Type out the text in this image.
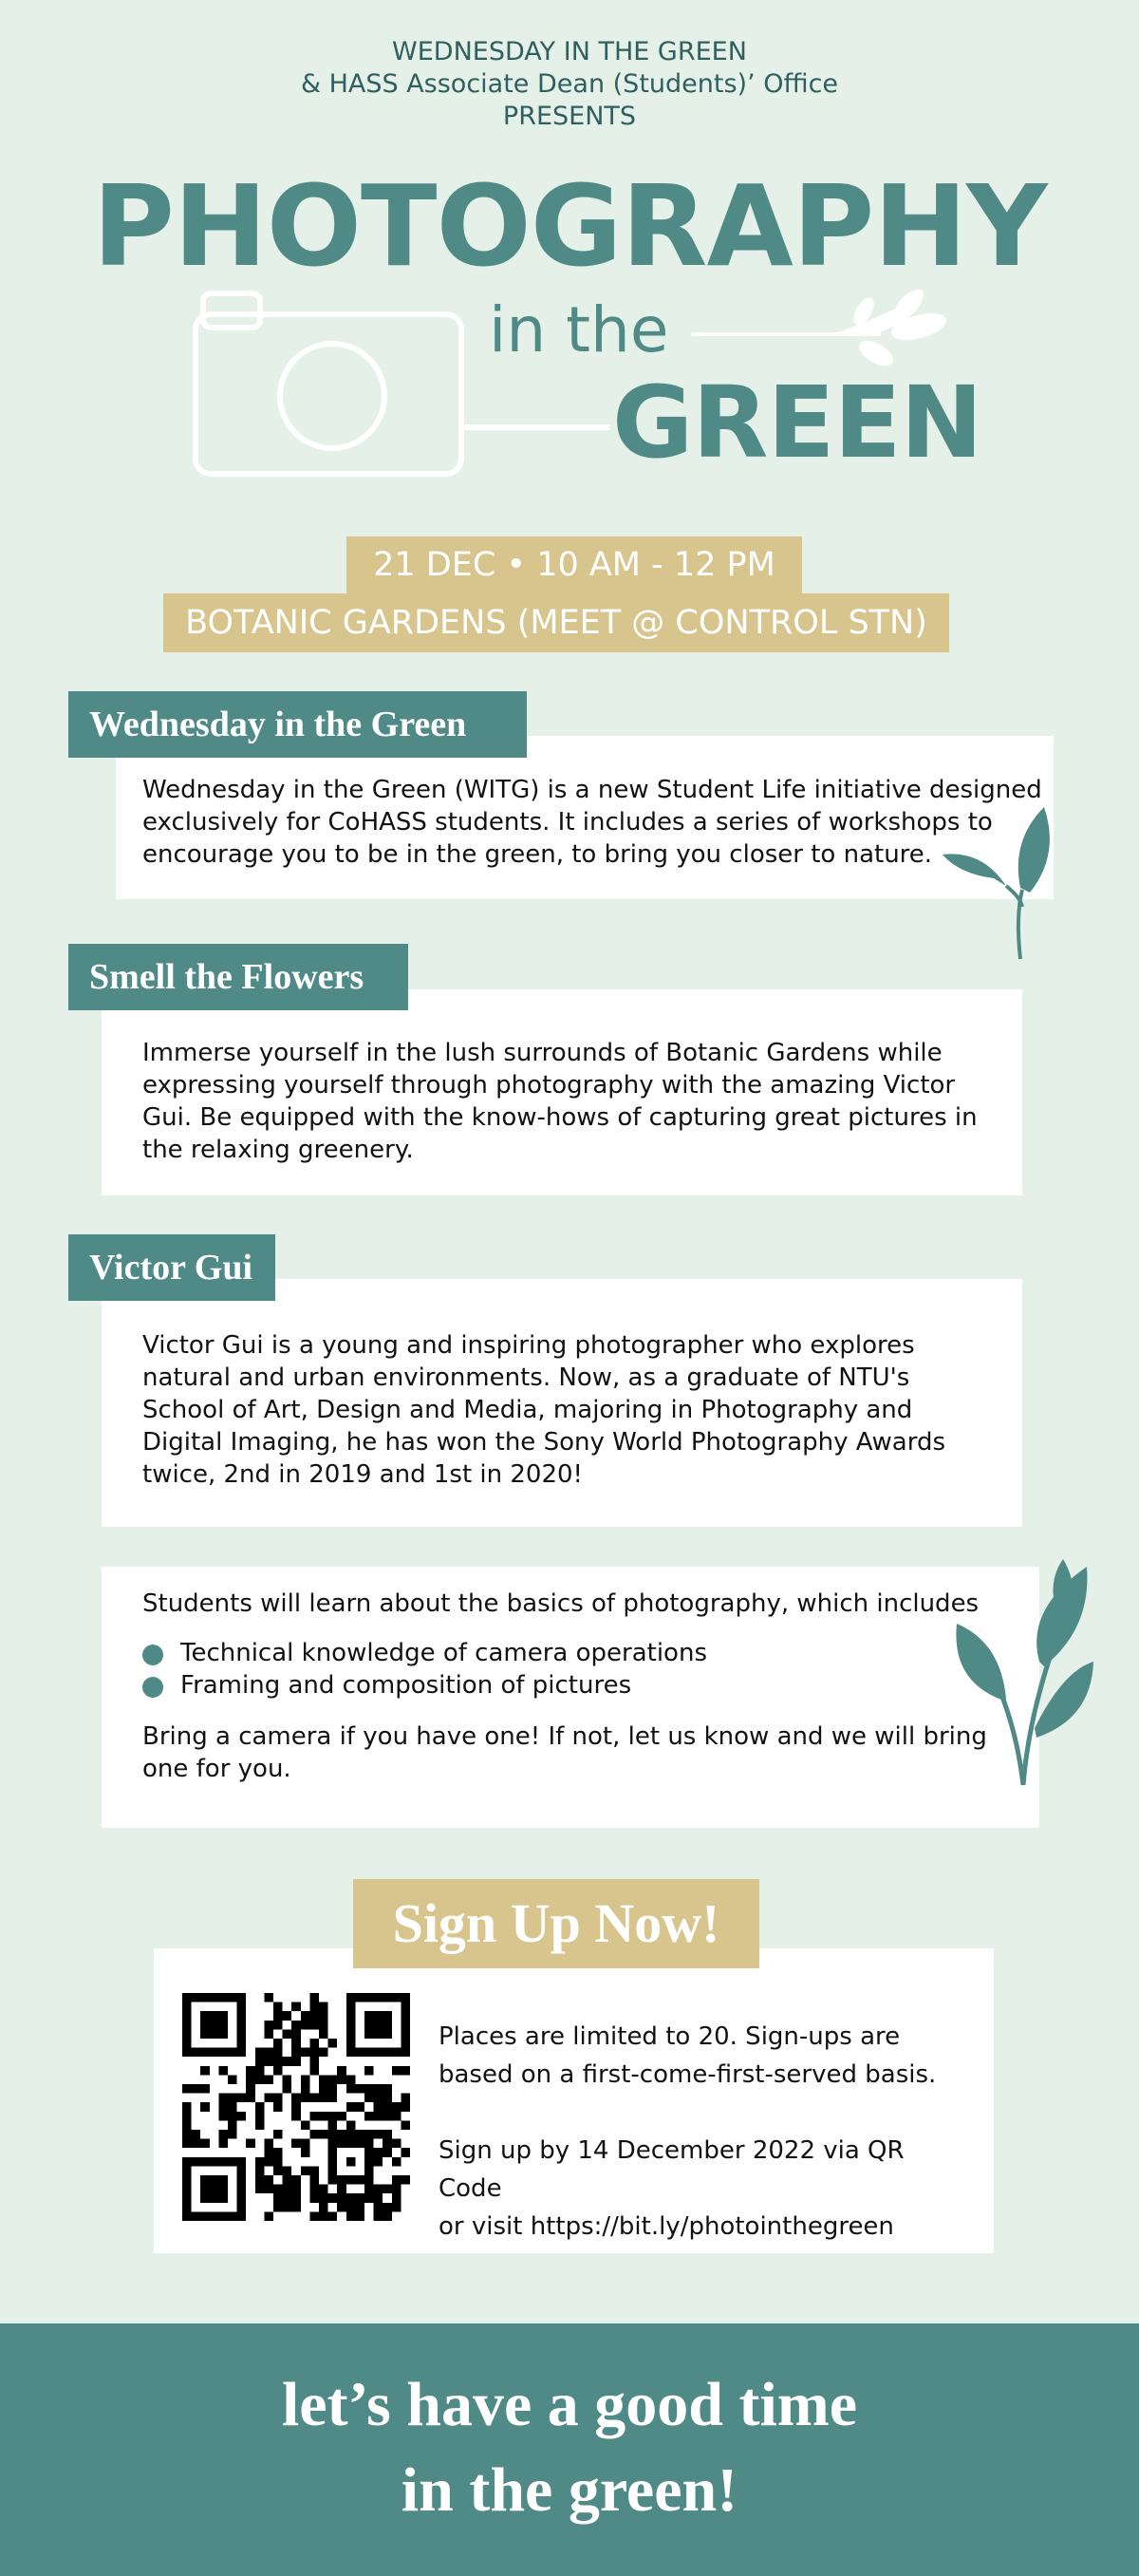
WEDNESDAY IN THE GREEN
& HASS Associate Dean (Students)’ Office
PRESENTS
PHOTOGRAPHY
in the
GREEN
21 DEC • 10 AM - 12 PM
BOTANIC GARDENS (MEET @ CONTROL STN)

Wednesday in the Green (WITG) is a new Student Life initiative designed

exclusively for CoHASS students. It includes a series of workshops to

encourage you to be in the green, to bring you closer to nature.

Wednesday in the Green

Immerse yourself in the lush surrounds of Botanic Gardens while

expressing yourself through photography with the amazing Victor

Gui. Be equipped with the know-hows of capturing great pictures in

the relaxing greenery.

Smell the Flowers

Victor Gui is a young and inspiring photographer who explores

natural and urban environments. Now, as a graduate of NTU's

School of Art, Design and Media, majoring in Photography and

Digital Imaging, he has won the Sony World Photography Awards

twice, 2nd in 2019 and 1st in 2020!

Victor Gui

Students will learn about the basics of photography, which includes

Technical knowledge of camera operations
Framing and composition of pictures

Bring a camera if you have one! If not, let us know and we will bring

one for you.

Places are limited to 20. Sign-ups are

based on a first-come-first-served basis.

Sign up by 14 December 2022 via QR Code

or visit https://bit.ly/photointhegreen

Sign Up Now!
let’s have a good time
in the green!
